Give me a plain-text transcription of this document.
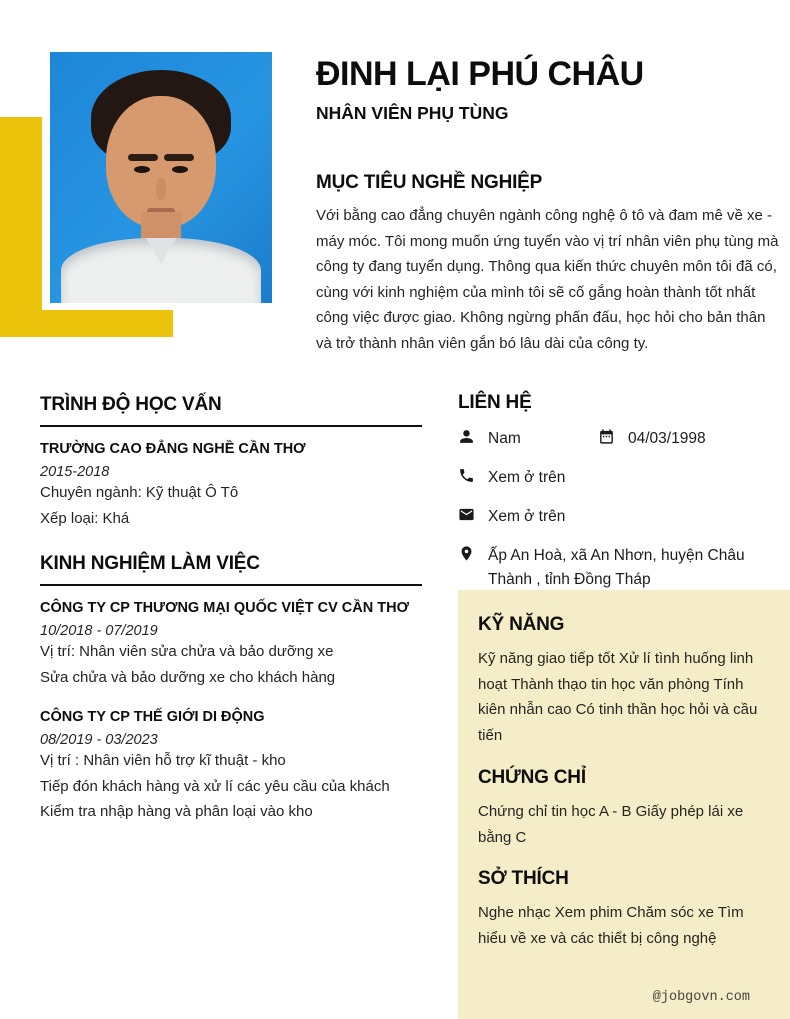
ĐINH LẠI PHÚ CHÂU
NHÂN VIÊN PHỤ TÙNG
MỤC TIÊU NGHỀ NGHIỆP

Với bằng cao đẳng chuyên ngành công nghệ ô tô và đam mê về xe - máy móc. Tôi mong muốn ứng tuyển vào vị trí nhân viên phụ tùng mà công ty đang tuyển dụng. Thông qua kiến thức chuyên môn tôi đã có, cùng với kinh nghiệm của mình tôi sẽ cố gắng hoàn thành tốt nhất công việc được giao. Không ngừng phấn đấu, học hỏi cho bản thân và trở thành nhân viên gắn bó lâu dài của công ty.

TRÌNH ĐỘ HỌC VẤN
TRƯỜNG CAO ĐẲNG NGHỀ CẦN THƠ
2015-2018
Chuyên ngành: Kỹ thuật Ô Tô
Xếp loại: Khá
KINH NGHIỆM LÀM VIỆC
CÔNG TY CP THƯƠNG MẠI QUỐC VIỆT CV CẦN THƠ
10/2018 - 07/2019
Vị trí: Nhân viên sửa chửa và bảo dưỡng xe
Sửa chửa và bảo dưỡng xe cho khách hàng
CÔNG TY CP THẾ GIỚI DI ĐỘNG
08/2019 - 03/2023
Vị trí : Nhân viên hỗ trợ kĩ thuật - kho
Tiếp đón khách hàng và xử lí các yêu cầu của khách Kiểm tra nhập hàng và phân loại vào kho
LIÊN HỆ
Nam	04/03/1998
Xem ở trên
Xem ở trên
Ấp An Hoà, xã An Nhơn, huyện Châu Thành , tỉnh Đồng Tháp
KỸ NĂNG

Kỹ năng giao tiếp tốt Xử lí tình huống linh hoạt Thành thạo tin học văn phòng Tính kiên nhẫn cao Có tinh thần học hỏi và cầu tiến

CHỨNG CHỈ

Chứng chỉ tin học A - B Giấy phép lái xe bằng C

SỞ THÍCH

Nghe nhạc Xem phim Chăm sóc xe Tìm hiểu về xe và các thiết bị công nghệ

@jobgovn.com
